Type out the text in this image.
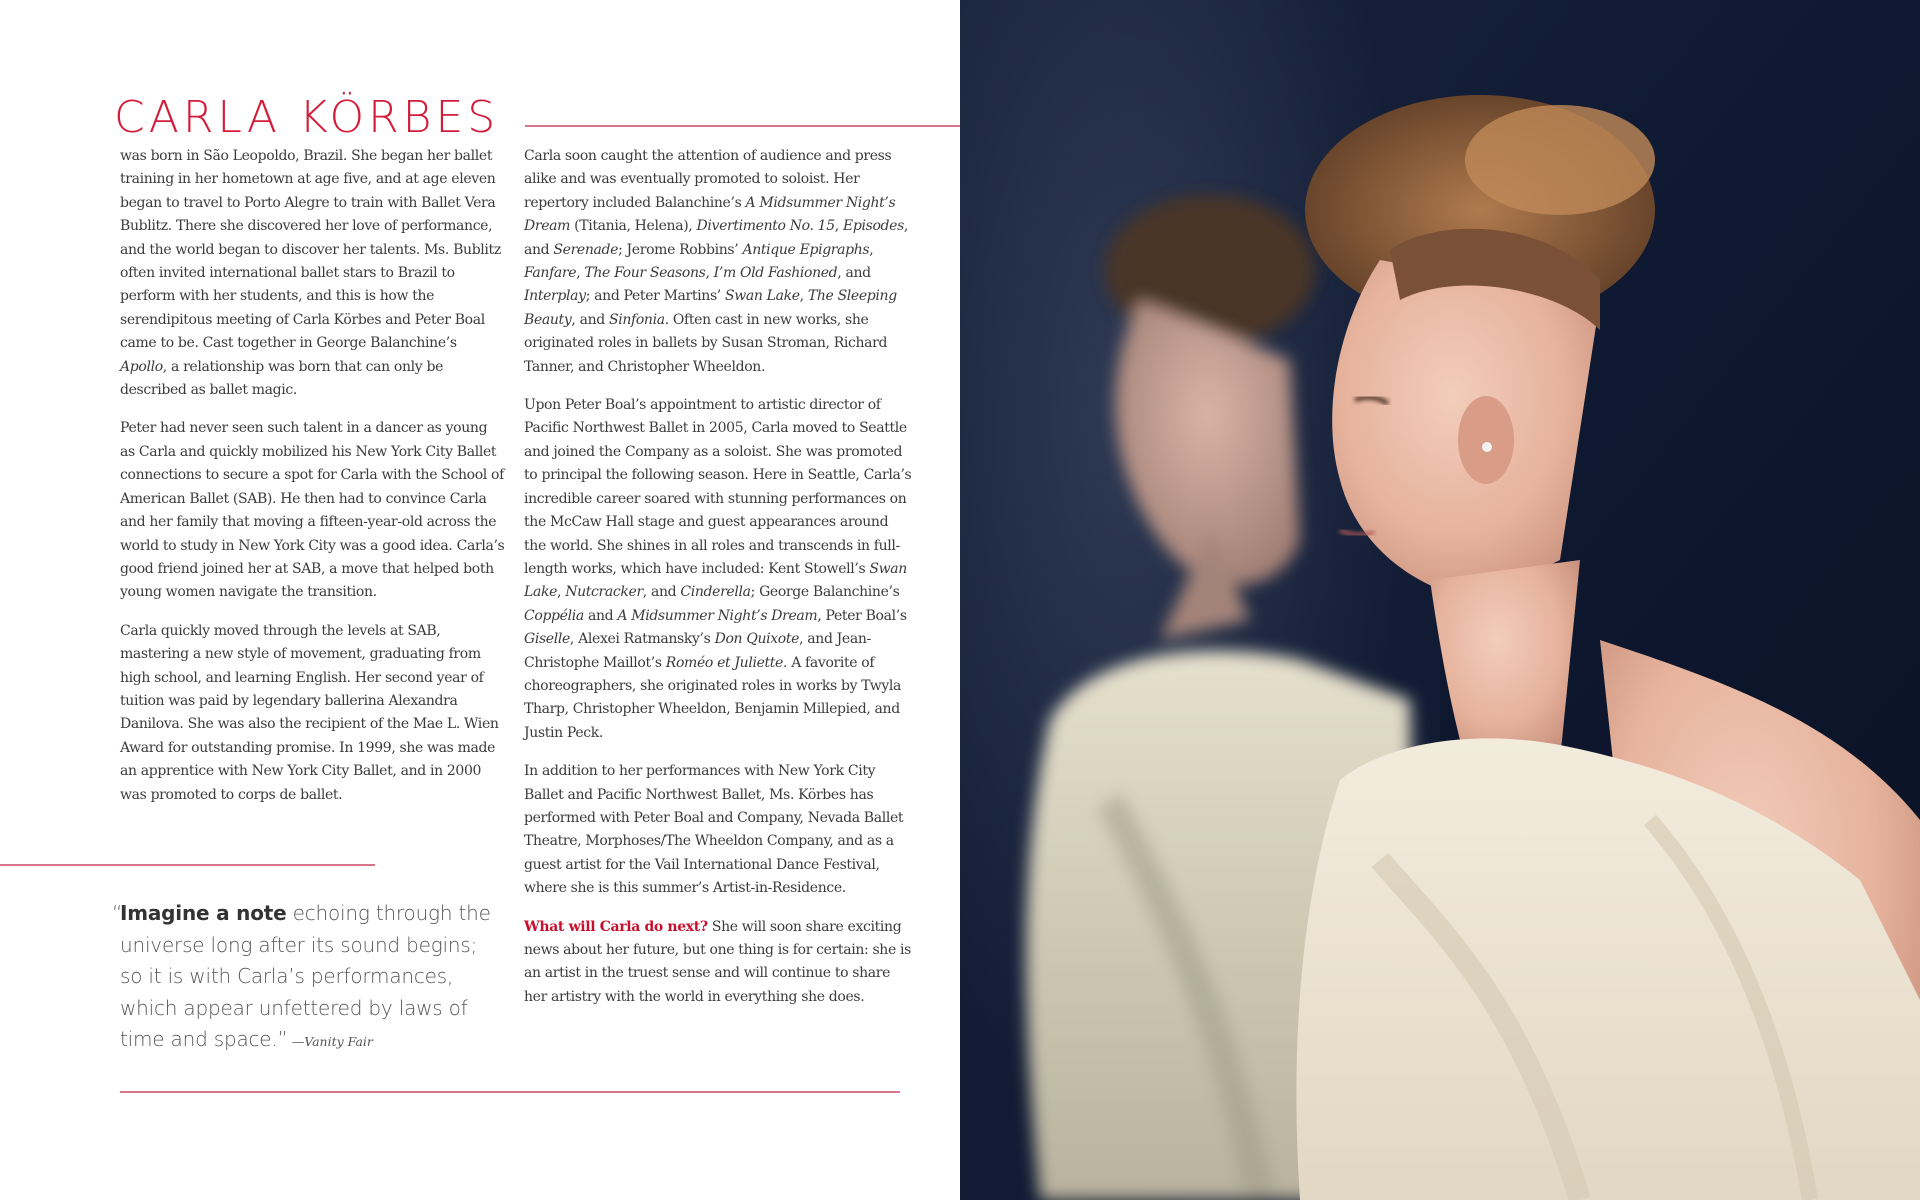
CARLA KÖRBES

was born in São Leopoldo, Brazil. She began her ballet training in her hometown at age five, and at age eleven began to travel to Porto Alegre to train with Ballet Vera Bublitz. There she discovered her love of performance, and the world began to discover her talents. Ms. Bublitz often invited international ballet stars to Brazil to perform with her students, and this is how the serendipitous meeting of Carla Körbes and Peter Boal came to be. Cast together in George Balanchine’s Apollo, a relationship was born that can only be described as ballet magic.

Peter had never seen such talent in a dancer as young as Carla and quickly mobilized his New York City Ballet connections to secure a spot for Carla with the School of American Ballet (SAB). He then had to convince Carla and her family that moving a fifteen-year-old across the world to study in New York City was a good idea. Carla’s good friend joined her at SAB, a move that helped both young women navigate the transition.

Carla quickly moved through the levels at SAB, mastering a new style of movement, graduating from high school, and learning English. Her second year of tuition was paid by legendary ballerina Alexandra Danilova. She was also the recipient of the Mae L. Wien Award for outstanding promise. In 1999, she was made an apprentice with New York City Ballet, and in 2000 was promoted to corps de ballet.

Carla soon caught the attention of audience and press alike and was eventually promoted to soloist. Her repertory included Balanchine’s A Midsummer Night’s Dream (Titania, Helena), Divertimento No. 15, Episodes, and Serenade; Jerome Robbins’ Antique Epigraphs, Fanfare, The Four Seasons, I’m Old Fashioned, and Interplay; and Peter Martins’ Swan Lake, The Sleeping Beauty, and Sinfonia. Often cast in new works, she originated roles in ballets by Susan Stroman, Richard Tanner, and Christopher Wheeldon.

Upon Peter Boal’s appointment to artistic director of Pacific Northwest Ballet in 2005, Carla moved to Seattle and joined the Company as a soloist. She was promoted to principal the following season. Here in Seattle, Carla’s incredible career soared with stunning performances on the McCaw Hall stage and guest appearances around the world. She shines in all roles and transcends in full-length works, which have included: Kent Stowell’s Swan Lake, Nutcracker, and Cinderella; George Balanchine’s Coppélia and A Midsummer Night’s Dream, Peter Boal’s Giselle, Alexei Ratmansky’s Don Quixote, and Jean-Christophe Maillot’s Roméo et Juliette. A favorite of choreographers, she originated roles in works by Twyla Tharp, Christopher Wheeldon, Benjamin Millepied, and Justin Peck.

In addition to her performances with New York City Ballet and Pacific Northwest Ballet, Ms. Körbes has performed with Peter Boal and Company, Nevada Ballet Theatre, Morphoses/The Wheeldon Company, and as a guest artist for the Vail International Dance Festival, where she is this summer’s Artist-in-Residence.

What will Carla do next? She will soon share exciting news about her future, but one thing is for certain: she is an artist in the truest sense and will continue to share her artistry with the world in everything she does.

“
Imagine a note echoing through the universe long after its sound begins; so it is with Carla’s performances, which appear unfettered by laws of time and space.” —Vanity Fair
